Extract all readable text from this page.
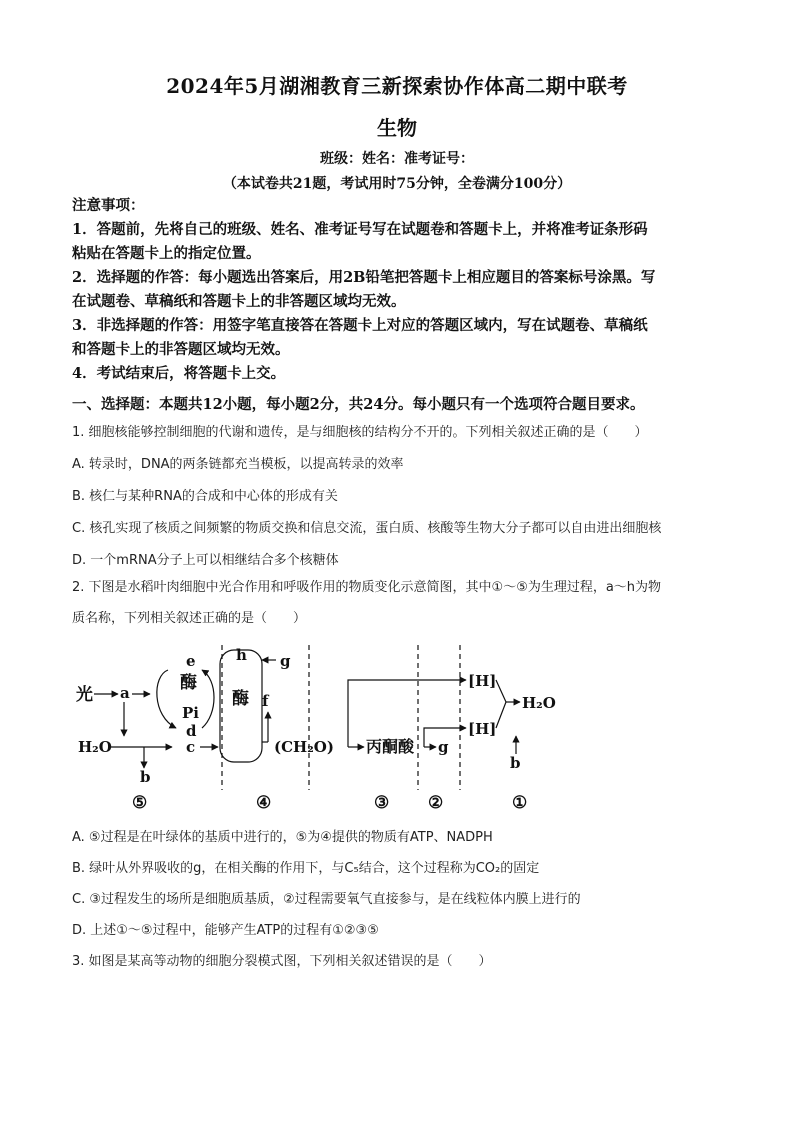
2024年5月湖湘教育三新探索协作体高二期中联考
生物
班级：姓名：准考证号：
（本试卷共21题，考试用时75分钟，全卷满分100分）

注意事项：

1．答题前，先将自己的班级、姓名、准考证号写在试题卷和答题卡上，并将准考证条形码

粘贴在答题卡上的指定位置。

2．选择题的作答：每小题选出答案后，用2B铅笔把答题卡上相应题目的答案标号涂黑。写

在试题卷、草稿纸和答题卡上的非答题区域均无效。

3．非选择题的作答：用签字笔直接答在答题卡上对应的答题区域内，写在试题卷、草稿纸

和答题卡上的非答题区域均无效。

4．考试结束后，将答题卡上交。

一、选择题：本题共12小题，每小题2分，共24分。每小题只有一个选项符合题目要求。

1. 细胞核能够控制细胞的代谢和遗传，是与细胞核的结构分不开的。下列相关叙述正确的是（　　）

A. 转录时，DNA的两条链都充当模板，以提高转录的效率

B. 核仁与某种RNA的合成和中心体的形成有关

C. 核孔实现了核质之间频繁的物质交换和信息交流，蛋白质、核酸等生物大分子都可以自由进出细胞核

D. 一个mRNA分子上可以相继结合多个核糖体

2. 下图是水稻叶肉细胞中光合作用和呼吸作用的物质变化示意简图，其中①～⑤为生理过程，a～h为物

质名称，下列相关叙述正确的是（　　）

光 a
H₂O
b
c
e
酶
Pi
d
h g
酶 f
(CH₂O) 丙酮酸 g
[H]
[H]
H₂O
b
⑤	④	③ ②	①

A. ⑤过程是在叶绿体的基质中进行的，⑤为④提供的物质有ATP、NADPH

B. 绿叶从外界吸收的g，在相关酶的作用下，与C₅结合，这个过程称为CO₂的固定

C. ③过程发生的场所是细胞质基质，②过程需要氧气直接参与，是在线粒体内膜上进行的

D. 上述①～⑤过程中，能够产生ATP的过程有①②③⑤

3. 如图是某高等动物的细胞分裂模式图，下列相关叙述错误的是（　　）
